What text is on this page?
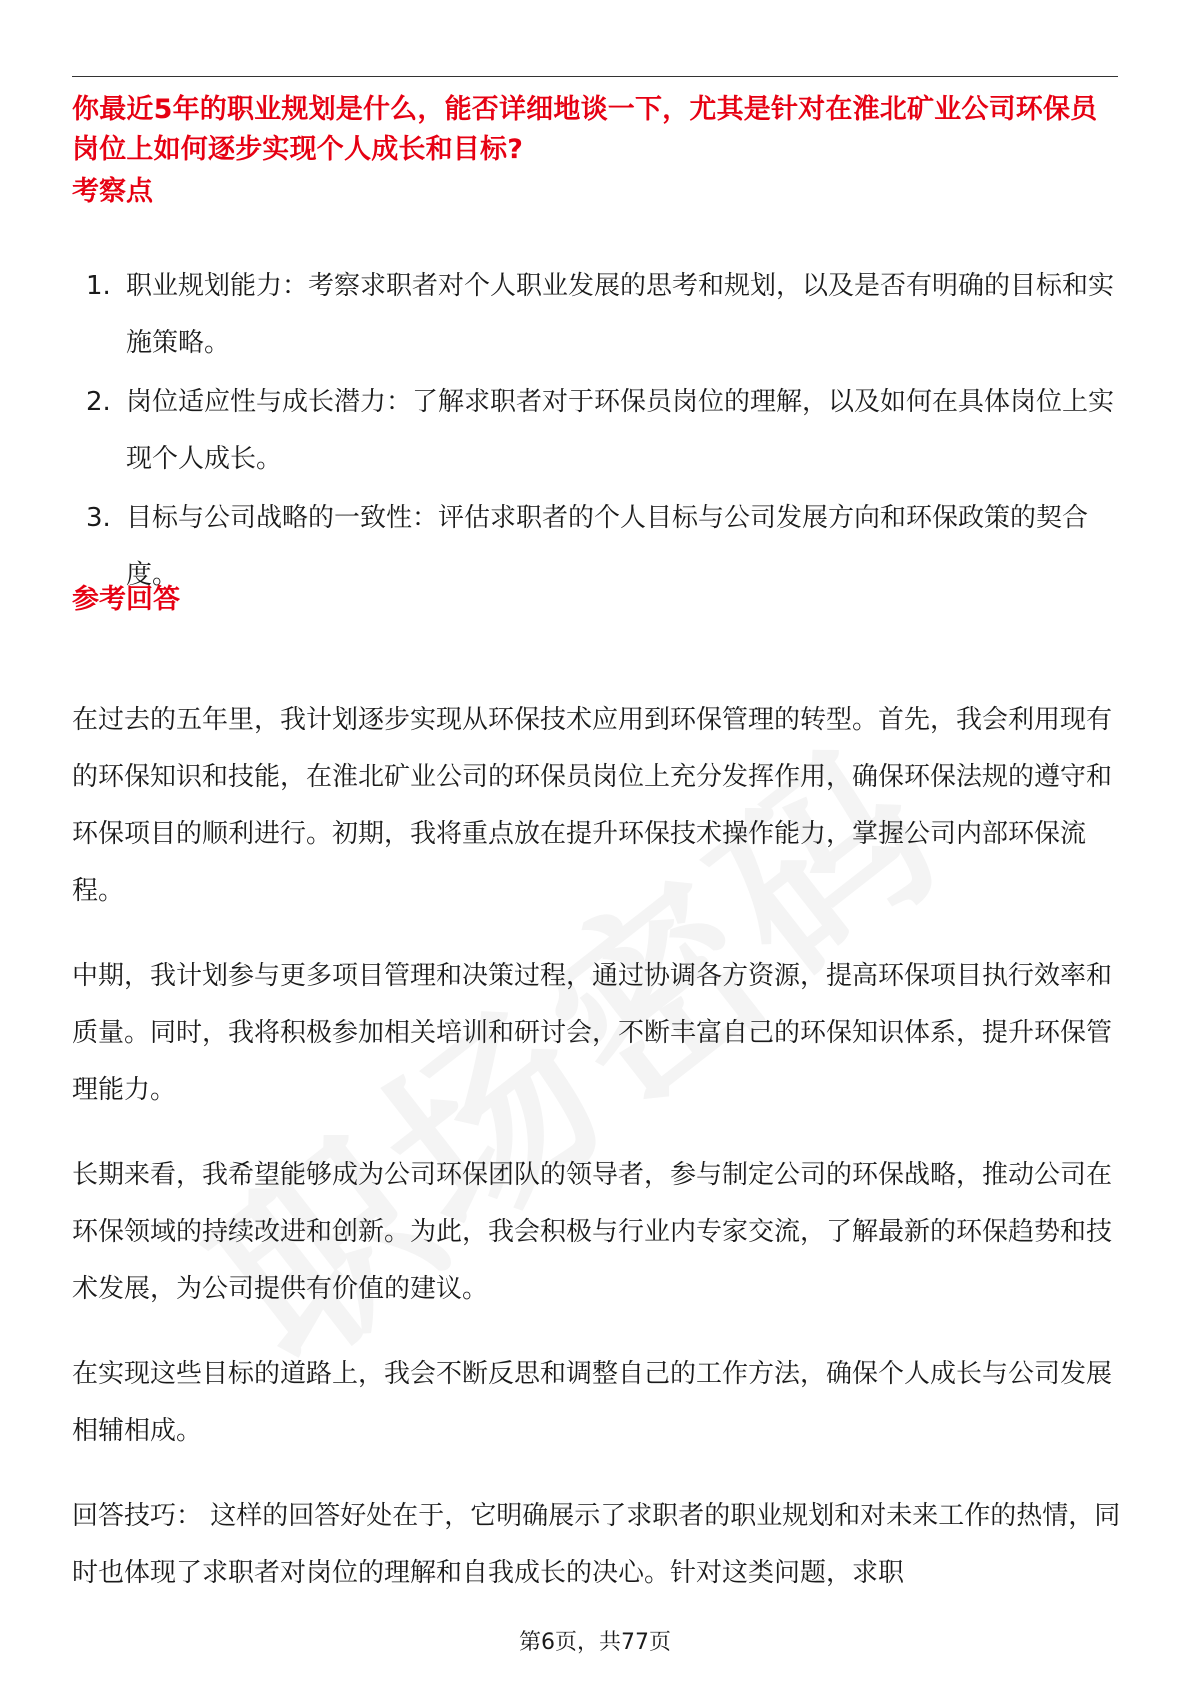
你最近5年的职业规划是什么，能否详细地谈一下，尤其是针对在淮北矿业公司环保员岗位上如何逐步实现个人成长和目标?
考察点
1. 职业规划能力：考察求职者对个人职业发展的思考和规划，以及是否有明确的目标和实施策略。
2. 岗位适应性与成长潜力：了解求职者对于环保员岗位的理解，以及如何在具体岗位上实现个人成长。
3. 目标与公司战略的一致性：评估求职者的个人目标与公司发展方向和环保政策的契合度。
参考回答

在过去的五年里，我计划逐步实现从环保技术应用到环保管理的转型。首先，我会利用现有的环保知识和技能，在淮北矿业公司的环保员岗位上充分发挥作用，确保环保法规的遵守和环保项目的顺利进行。初期，我将重点放在提升环保技术操作能力，掌握公司内部环保流程。

中期，我计划参与更多项目管理和决策过程，通过协调各方资源，提高环保项目执行效率和质量。同时，我将积极参加相关培训和研讨会，不断丰富自己的环保知识体系，提升环保管理能力。

长期来看，我希望能够成为公司环保团队的领导者，参与制定公司的环保战略，推动公司在环保领域的持续改进和创新。为此，我会积极与行业内专家交流，了解最新的环保趋势和技术发展，为公司提供有价值的建议。

在实现这些目标的道路上，我会不断反思和调整自己的工作方法，确保个人成长与公司发展相辅相成。

回答技巧： 这样的回答好处在于，它明确展示了求职者的职业规划和对未来工作的热情，同时也体现了求职者对岗位的理解和自我成长的决心。针对这类问题，求职

第6页，共77页
